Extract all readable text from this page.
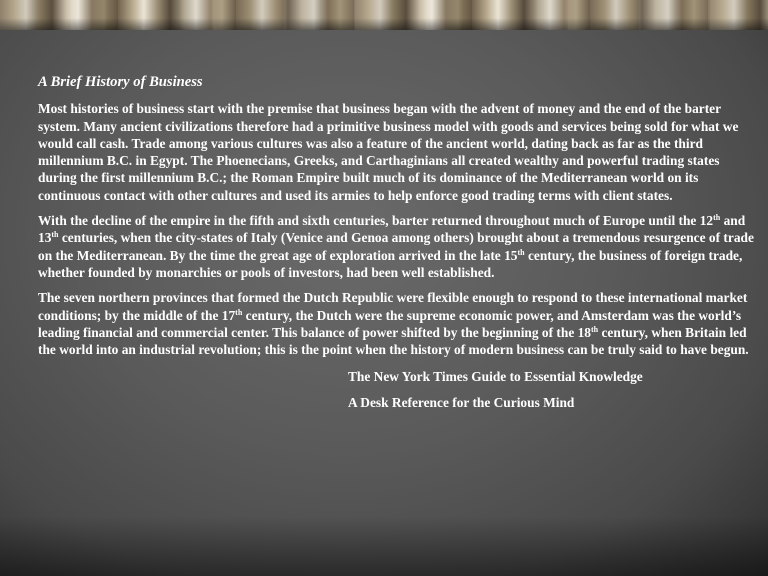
A Brief History of Business
Most histories of business start with the premise that business began with the advent of money and the end of the barter system. Many ancient civilizations therefore had a primitive business model with goods and services being sold for what we would call cash. Trade among various cultures was also a feature of the ancient world, dating back as far as the third millennium B.C. in Egypt. The Phoenecians, Greeks, and Carthaginians all created wealthy and powerful trading states during the first millennium B.C.; the Roman Empire built much of its dominance of the Mediterranean world on its continuous contact with other cultures and used its armies to help enforce good trading terms with client states.
With the decline of the empire in the fifth and sixth centuries, barter returned throughout much of Europe until the 12th and 13th centuries, when the city-states of Italy (Venice and Genoa among others) brought about a tremendous resurgence of trade on the Mediterranean. By the time the great age of exploration arrived in the late 15th century, the business of foreign trade, whether founded by monarchies or pools of investors, had been well established.
The seven northern provinces that formed the Dutch Republic were flexible enough to respond to these international market conditions; by the middle of the 17th century, the Dutch were the supreme economic power, and Amsterdam was the world’s leading financial and commercial center. This balance of power shifted by the beginning of the 18th century, when Britain led the world into an industrial revolution; this is the point when the history of modern business can be truly said to have begun.
The New York Times Guide to Essential Knowledge
A Desk Reference for the Curious Mind
